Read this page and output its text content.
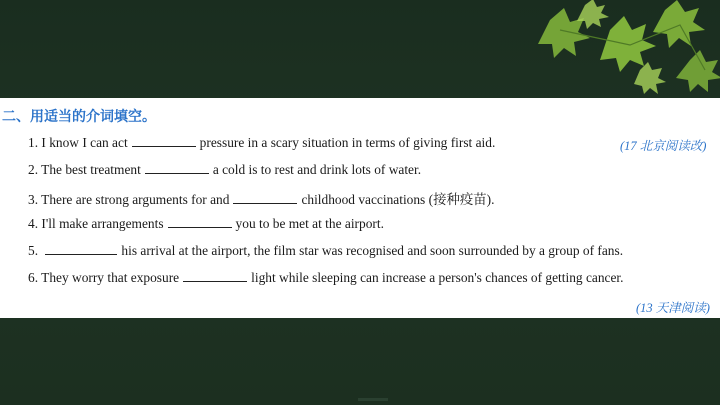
二、用适当的介词填空。
1. I know I can act	pressure in a scary situation in terms of giving first aid.
2. The best treatment	a cold is to rest and drink lots of water.
3. There are strong arguments for and	childhood vaccinations (接种疫苗).
4. I'll make arrangements	you to be met at the airport.
5.	his arrival at the airport, the film star was recognised and soon surrounded by a group of fans.
6. They worry that exposure	light while sleeping can increase a person's chances of getting cancer.
(17 北京阅读改)
(13 天津阅读)
